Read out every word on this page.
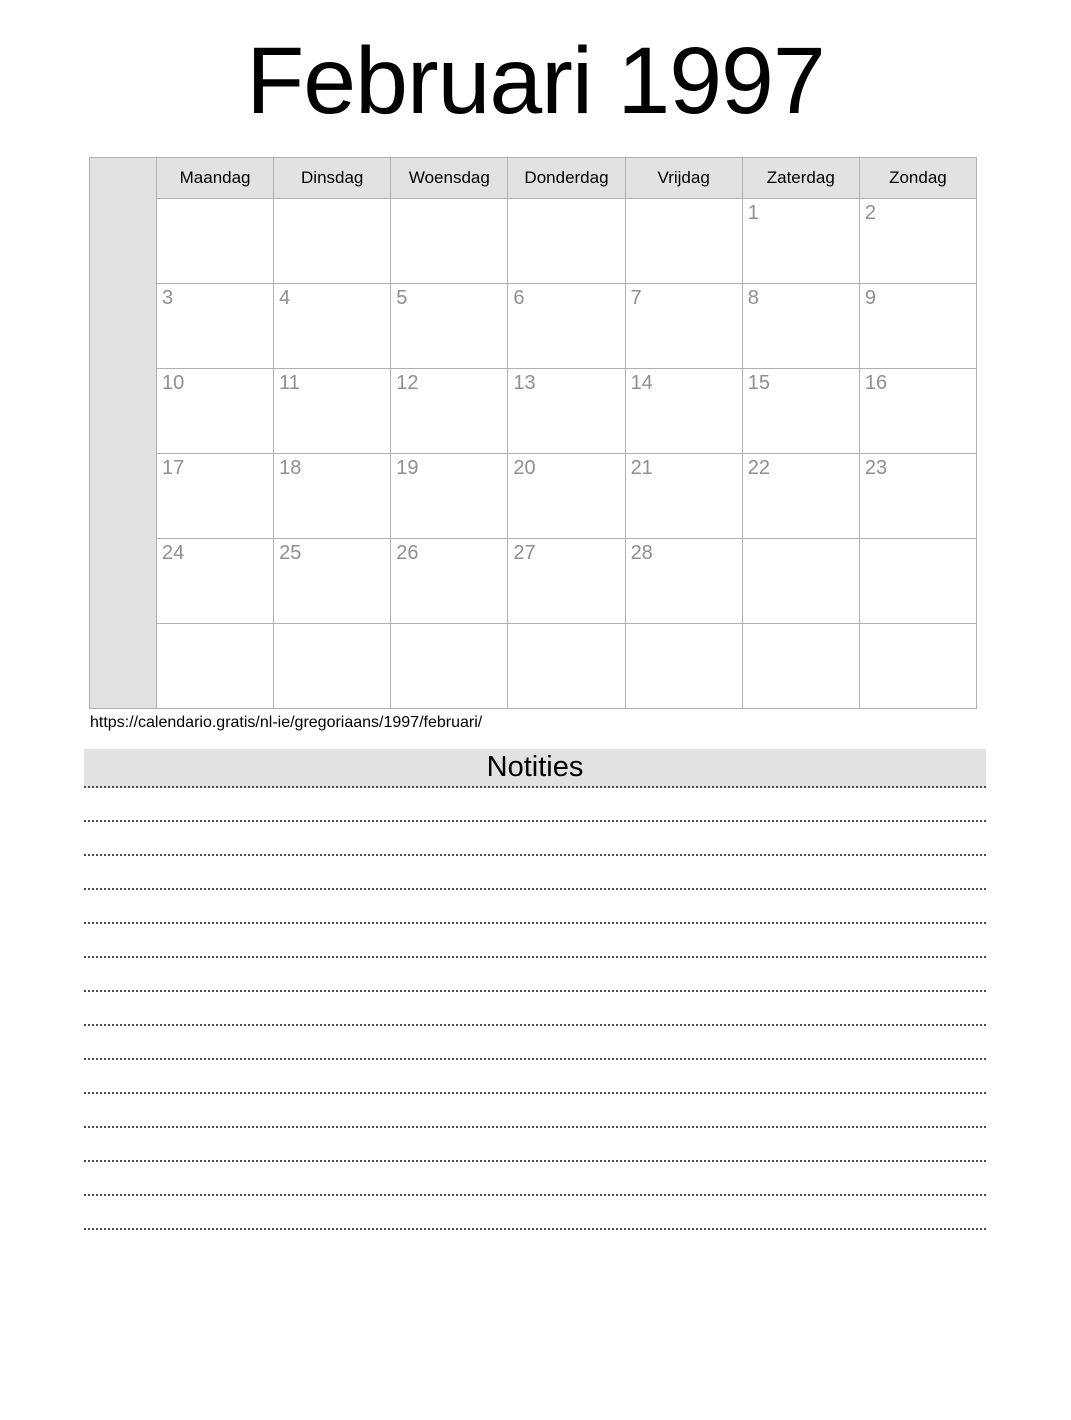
Februari 1997
	Maandag	Dinsdag	Woensdag	Donderdag	Vrijdag	Zaterdag	Zondag
						1	2
	3	4	5	6	7	8	9
	10	11	12	13	14	15	16
	17	18	19	20	21	22	23
	24	25	26	27	28		

https://calendario.gratis/nl-ie/gregoriaans/1997/februari/
Notities
